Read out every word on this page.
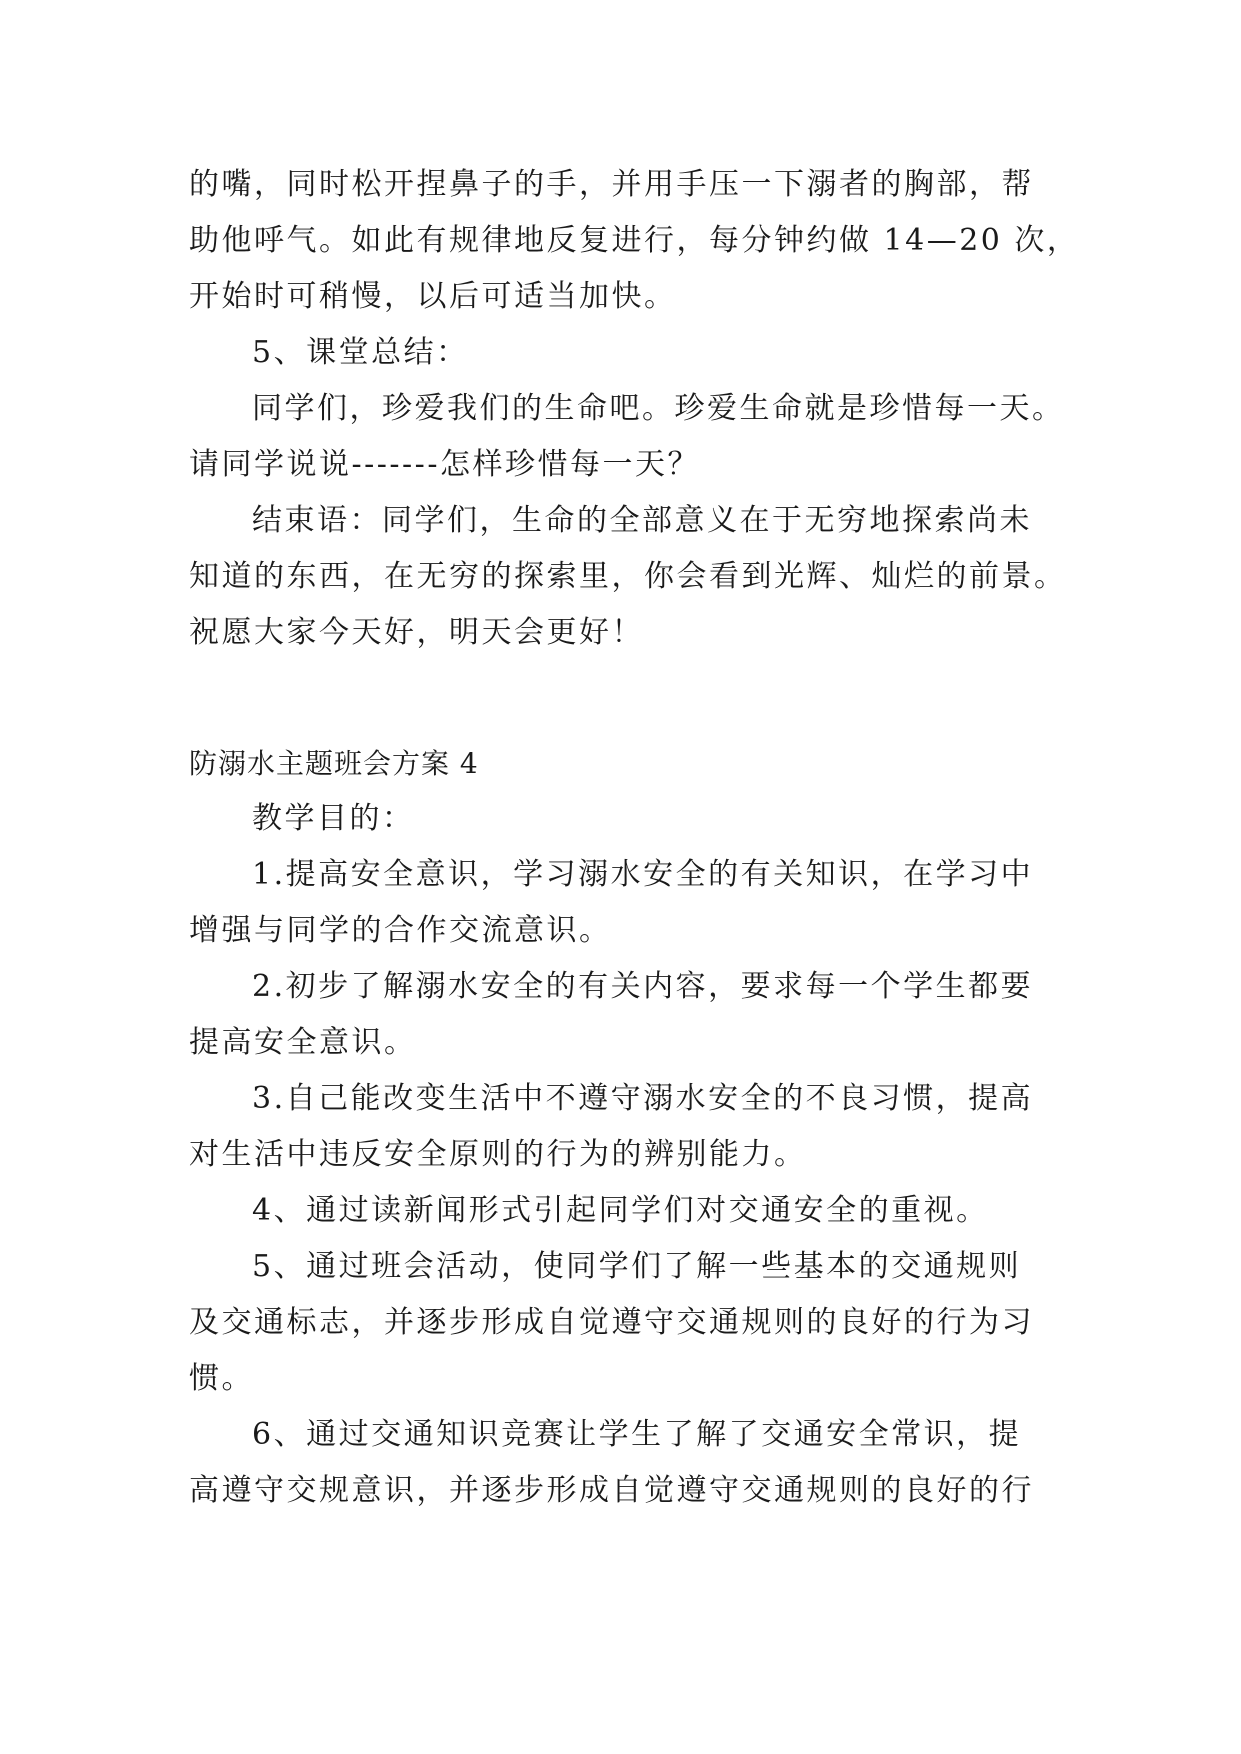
的嘴，同时松开捏鼻子的手，并用手压一下溺者的胸部，帮
助他呼气。如此有规律地反复进行，每分钟约做 14—20 次，
开始时可稍慢，以后可适当加快。
5、课堂总结：
同学们，珍爱我们的生命吧。珍爱生命就是珍惜每一天。
请同学说说-------怎样珍惜每一天？
结束语：同学们，生命的全部意义在于无穷地探索尚未
知道的东西，在无穷的探索里，你会看到光辉、灿烂的前景。
祝愿大家今天好，明天会更好！
防溺水主题班会方案 4
教学目的：
1.提高安全意识，学习溺水安全的有关知识，在学习中
增强与同学的合作交流意识。
2.初步了解溺水安全的有关内容，要求每一个学生都要
提高安全意识。
3.自己能改变生活中不遵守溺水安全的不良习惯，提高
对生活中违反安全原则的行为的辨别能力。
4、通过读新闻形式引起同学们对交通安全的重视。
5、通过班会活动，使同学们了解一些基本的交通规则
及交通标志，并逐步形成自觉遵守交通规则的良好的行为习
惯。
6、通过交通知识竞赛让学生了解了交通安全常识，提
高遵守交规意识，并逐步形成自觉遵守交通规则的良好的行
